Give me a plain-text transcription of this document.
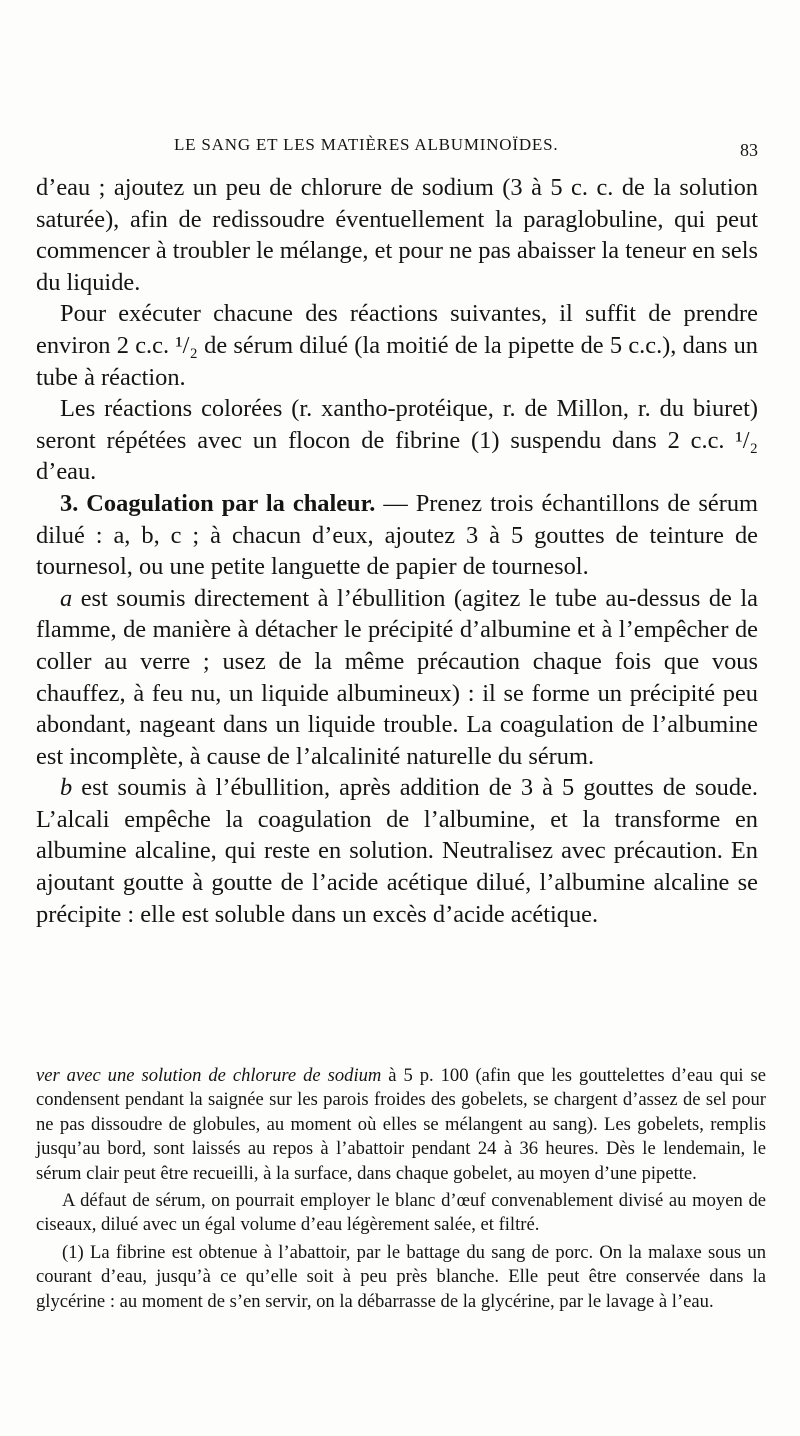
LE SANG ET LES MATIÈRES ALBUMINOÏDES.	83

d’eau ; ajoutez un peu de chlorure de sodium (3 à 5 c. c. de la solution saturée), afin de redissoudre éventuellement la paraglobuline, qui peut commencer à troubler le mélange, et pour ne pas abaisser la teneur en sels du liquide.

Pour exécuter chacune des réactions suivantes, il suffit de prendre environ 2 c.c. ¹/₂ de sérum dilué (la moitié de la pipette de 5 c.c.), dans un tube à réaction.

Les réactions colorées (r. xantho-protéique, r. de Millon, r. du biuret) seront répétées avec un flocon de fibrine (1) suspendu dans 2 c.c. ¹/₂ d’eau.

3. Coagulation par la chaleur. — Prenez trois échantillons de sérum dilué : a, b, c ; à chacun d’eux, ajoutez 3 à 5 gouttes de teinture de tournesol, ou une petite languette de papier de tournesol.

a est soumis directement à l’ébullition (agitez le tube au-dessus de la flamme, de manière à détacher le précipité d’albumine et à l’empêcher de coller au verre ; usez de la même précaution chaque fois que vous chauffez, à feu nu, un liquide albumineux) : il se forme un précipité peu abondant, nageant dans un liquide trouble. La coagulation de l’albumine est incomplète, à cause de l’alcalinité naturelle du sérum.

b est soumis à l’ébullition, après addition de 3 à 5 gouttes de soude. L’alcali empêche la coagulation de l’albumine, et la transforme en albumine alcaline, qui reste en solution. Neutralisez avec précaution. En ajoutant goutte à goutte de l’acide acétique dilué, l’albumine alcaline se précipite : elle est soluble dans un excès d’acide acétique.

ver avec une solution de chlorure de sodium à 5 p. 100 (afin que les gouttelettes d’eau qui se condensent pendant la saignée sur les parois froides des gobelets, se chargent d’assez de sel pour ne pas dissoudre de globules, au moment où elles se mélangent au sang). Les gobelets, remplis jusqu’au bord, sont laissés au repos à l’abattoir pendant 24 à 36 heures. Dès le lendemain, le sérum clair peut être recueilli, à la surface, dans chaque gobelet, au moyen d’une pipette.

A défaut de sérum, on pourrait employer le blanc d’œuf convenablement divisé au moyen de ciseaux, dilué avec un égal volume d’eau légèrement salée, et filtré.

(1) La fibrine est obtenue à l’abattoir, par le battage du sang de porc. On la malaxe sous un courant d’eau, jusqu’à ce qu’elle soit à peu près blanche. Elle peut être conservée dans la glycérine : au moment de s’en servir, on la débarrasse de la glycérine, par le lavage à l’eau.
